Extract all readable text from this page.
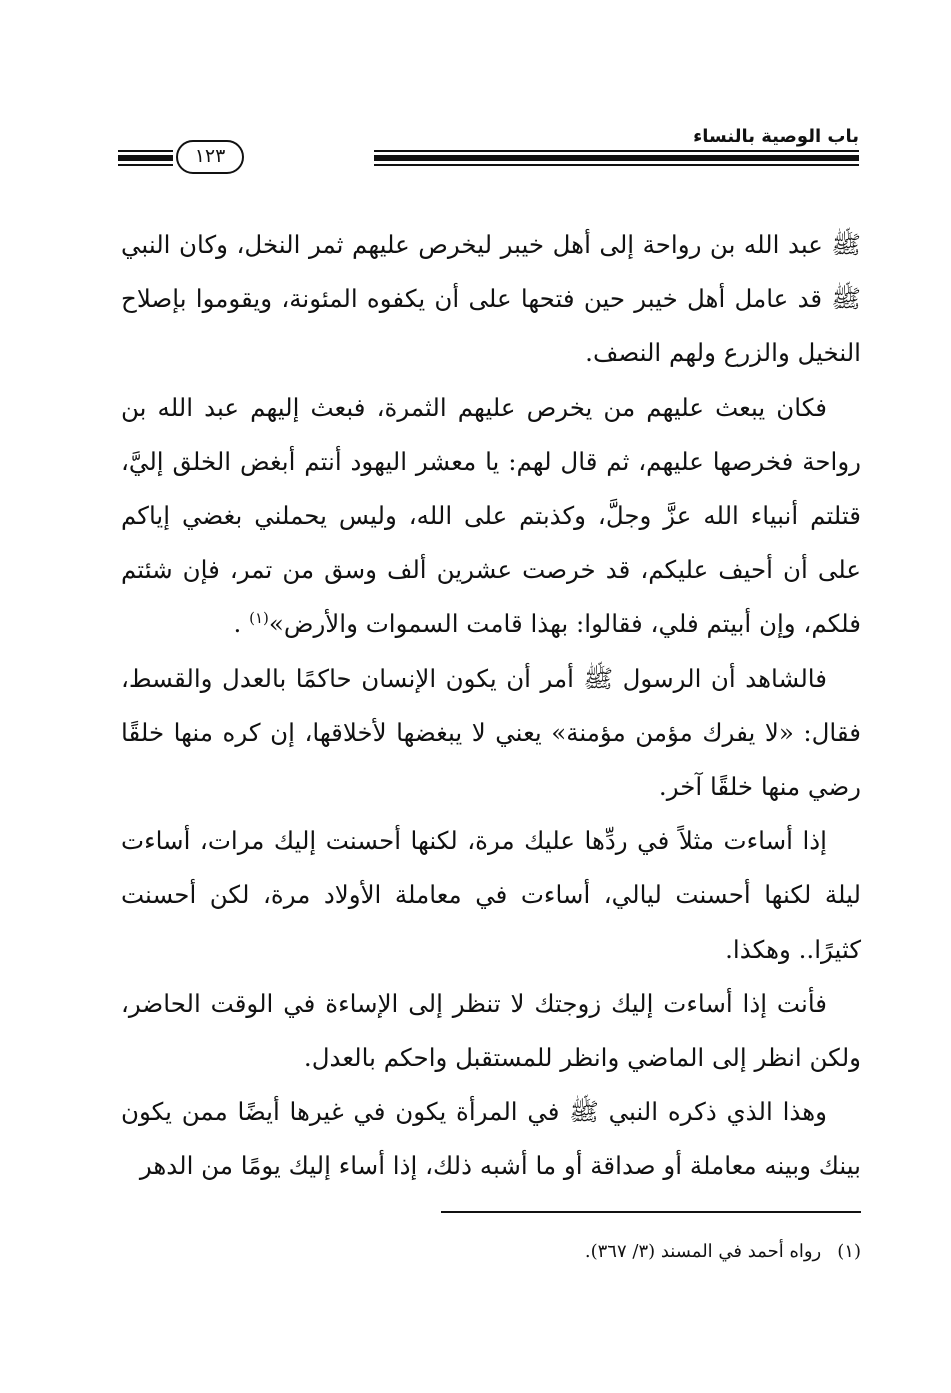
باب الوصية بالنساء
١٢٣

ﷺ عبد الله بن رواحة إلى أهل خيبر ليخرص عليهم ثمر النخل، وكان النبي ﷺ قد عامل أهل خيبر حين فتحها على أن يكفوه المئونة، ويقوموا بإصلاح النخيل والزرع ولهم النصف.

فكان يبعث عليهم من يخرص عليهم الثمرة، فبعث إليهم عبد الله بن رواحة فخرصها عليهم، ثم قال لهم: يا معشر اليهود أنتم أبغض الخلق إليَّ، قتلتم أنبياء الله عزَّ وجلَّ، وكذبتم على الله، وليس يحملني بغضي إياكم على أن أحيف عليكم، قد خرصت عشرين ألف وسق من تمر، فإن شئتم فلكم، وإن أبيتم فلي، فقالوا: بهذا قامت السموات والأرض»$^{(١)}$ .

فالشاهد أن الرسول ﷺ أمر أن يكون الإنسان حاكمًا بالعدل والقسط، فقال: «لا يفرك مؤمن مؤمنة» يعني لا يبغضها لأخلاقها، إن كره منها خلقًا رضي منها خلقًا آخر.

إذا أساءت مثلاً في ردِّها عليك مرة، لكنها أحسنت إليك مرات، أساءت ليلة لكنها أحسنت ليالي، أساءت في معاملة الأولاد مرة، لكن أحسنت كثيرًا.. وهكذا.

فأنت إذا أساءت إليك زوجتك لا تنظر إلى الإساءة في الوقت الحاضر، ولكن انظر إلى الماضي وانظر للمستقبل واحكم بالعدل.

وهذا الذي ذكره النبي ﷺ في المرأة يكون في غيرها أيضًا ممن يكون بينك وبينه معاملة أو صداقة أو ما أشبه ذلك، إذا أساء إليك يومًا من الدهر

(١)رواه أحمد في المسند (٣/ ٣٦٧).
